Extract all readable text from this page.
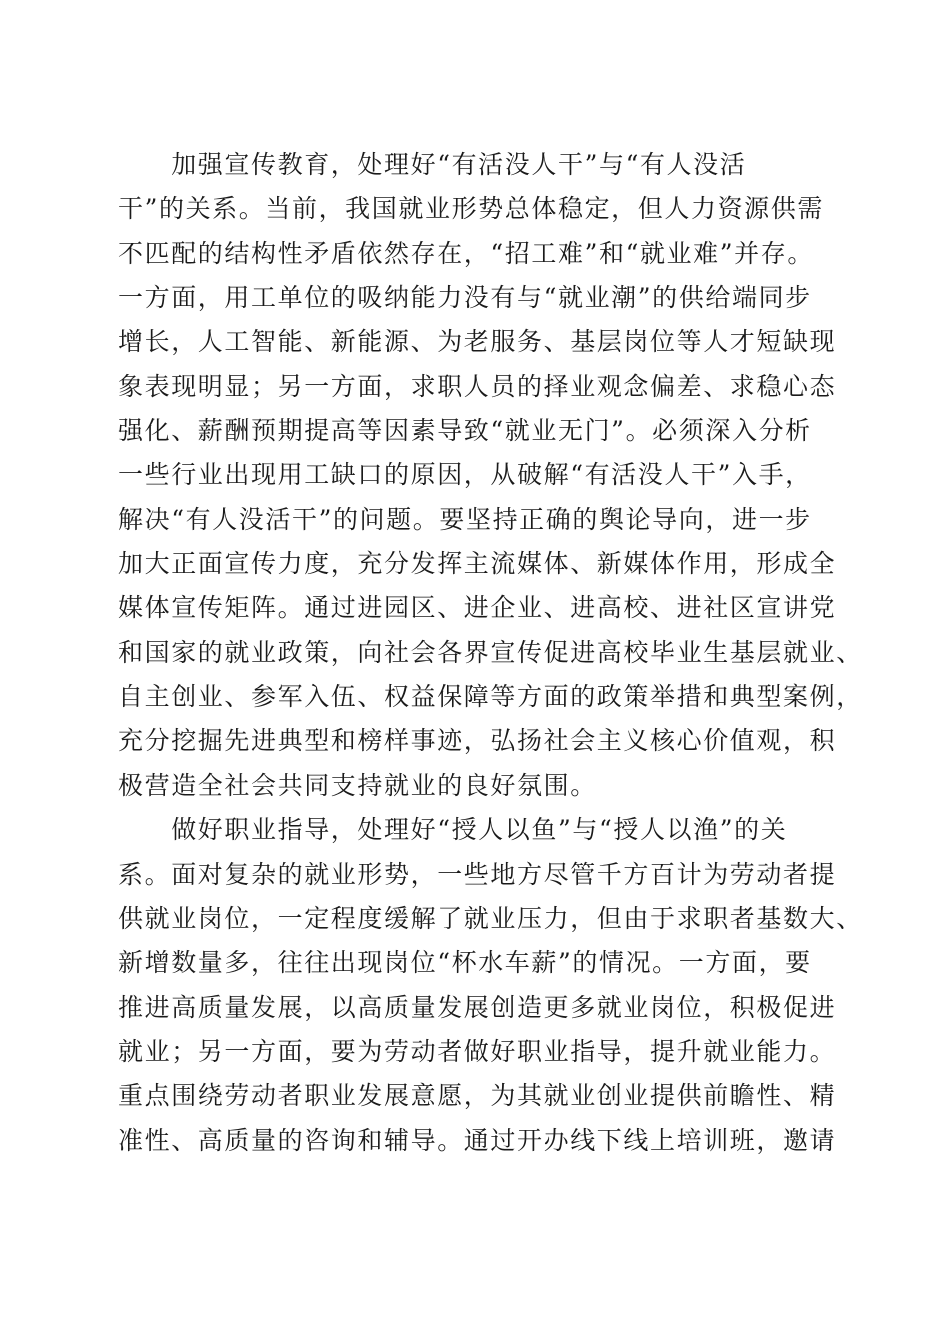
　　加强宣传教育，处理好“有活没人干”与“有人没活
干”的关系。当前，我国就业形势总体稳定，但人力资源供需
不匹配的结构性矛盾依然存在，“招工难”和“就业难”并存。
一方面，用工单位的吸纳能力没有与“就业潮”的供给端同步
增长，人工智能、新能源、为老服务、基层岗位等人才短缺现
象表现明显；另一方面，求职人员的择业观念偏差、求稳心态
强化、薪酬预期提高等因素导致“就业无门”。必须深入分析
一些行业出现用工缺口的原因，从破解“有活没人干”入手，
解决“有人没活干”的问题。要坚持正确的舆论导向，进一步
加大正面宣传力度，充分发挥主流媒体、新媒体作用，形成全
媒体宣传矩阵。通过进园区、进企业、进高校、进社区宣讲党
和国家的就业政策，向社会各界宣传促进高校毕业生基层就业、
自主创业、参军入伍、权益保障等方面的政策举措和典型案例，
充分挖掘先进典型和榜样事迹，弘扬社会主义核心价值观，积
极营造全社会共同支持就业的良好氛围。
　　做好职业指导，处理好“授人以鱼”与“授人以渔”的关
系。面对复杂的就业形势，一些地方尽管千方百计为劳动者提
供就业岗位，一定程度缓解了就业压力，但由于求职者基数大、
新增数量多，往往出现岗位“杯水车薪”的情况。一方面，要
推进高质量发展，以高质量发展创造更多就业岗位，积极促进
就业；另一方面，要为劳动者做好职业指导，提升就业能力。
重点围绕劳动者职业发展意愿，为其就业创业提供前瞻性、精
准性、高质量的咨询和辅导。通过开办线下线上培训班，邀请
